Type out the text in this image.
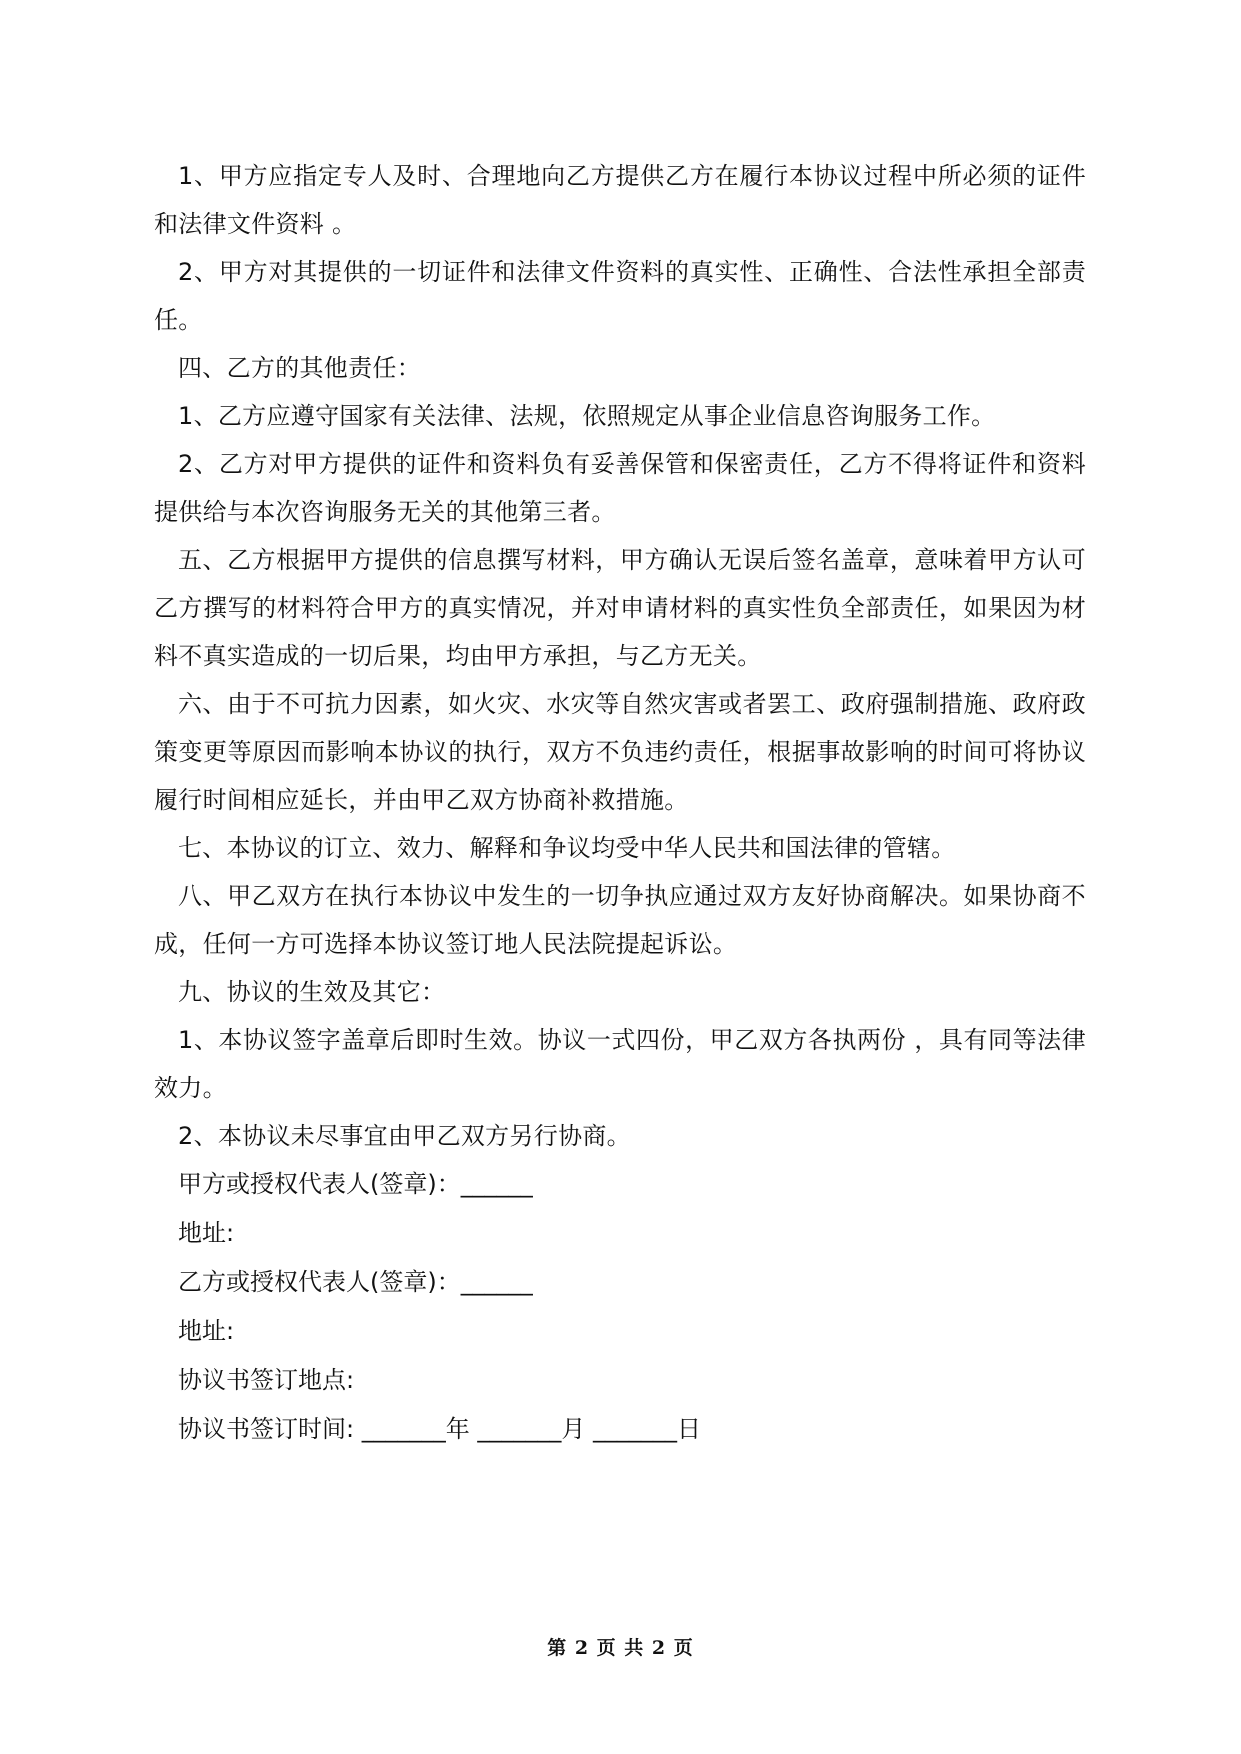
1、甲方应指定专人及时、合理地向乙方提供乙方在履行本协议过程中所必须的证件和法律文件资料 。

2、甲方对其提供的一切证件和法律文件资料的真实性、正确性、合法性承担全部责任。

四、乙方的其他责任：

1、乙方应遵守国家有关法律、法规，依照规定从事企业信息咨询服务工作。

2、乙方对甲方提供的证件和资料负有妥善保管和保密责任，乙方不得将证件和资料提供给与本次咨询服务无关的其他第三者。

五、乙方根据甲方提供的信息撰写材料，甲方确认无误后签名盖章，意味着甲方认可乙方撰写的材料符合甲方的真实情况，并对申请材料的真实性负全部责任，如果因为材料不真实造成的一切后果，均由甲方承担，与乙方无关。

六、由于不可抗力因素，如火灾、水灾等自然灾害或者罢工、政府强制措施、政府政策变更等原因而影响本协议的执行，双方不负违约责任，根据事故影响的时间可将协议履行时间相应延长，并由甲乙双方协商补救措施。

七、本协议的订立、效力、解释和争议均受中华人民共和国法律的管辖。

八、甲乙双方在执行本协议中发生的一切争执应通过双方友好协商解决。如果协商不成，任何一方可选择本协议签订地人民法院提起诉讼。

九、协议的生效及其它：

1、本协议签字盖章后即时生效。协议一式四份，甲乙双方各执两份 ，具有同等法律效力。

2、本协议未尽事宜由甲乙双方另行协商。

甲方或授权代表人(签章)：______

地址:

乙方或授权代表人(签章)：______

地址:

协议书签订地点:

协议书签订时间: _______年 _______月 _______日

第 2 页 共 2 页
